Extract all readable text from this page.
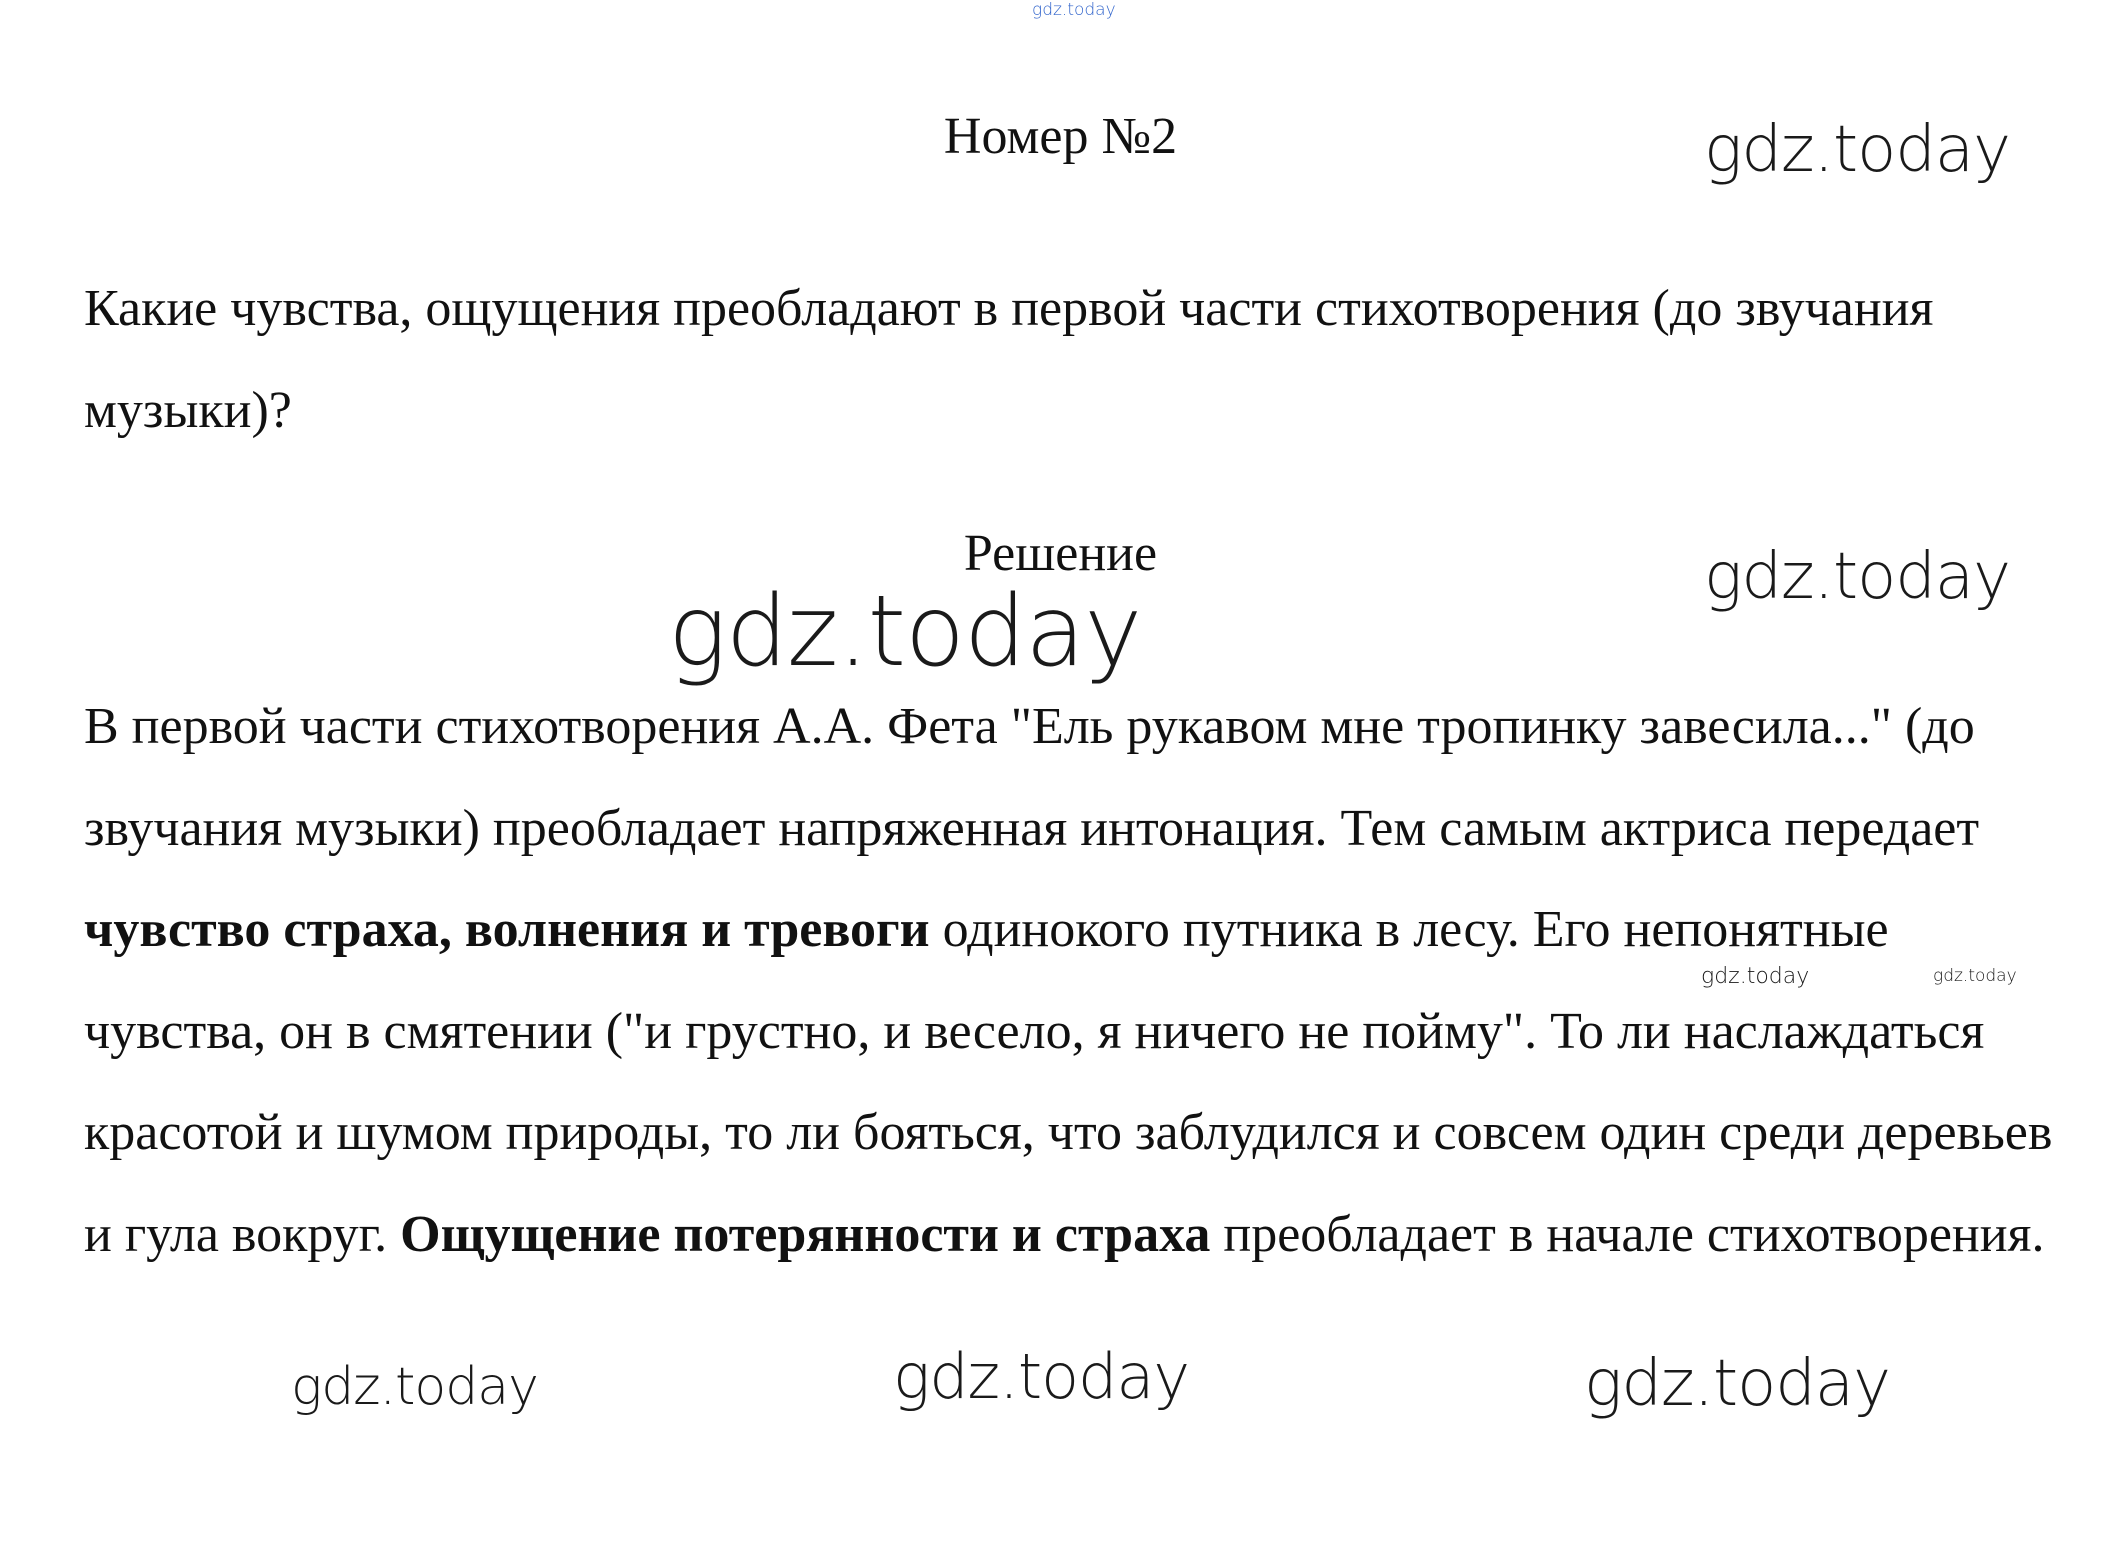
gdz.today
Номер №2	gdz.today

Какие чувства, ощущения преобладают в первой части стихотворения (до звучания музыки)?

Решение	gdz.today
gdz.today

В первой части стихотворения А.А. Фета "Ель рукавом мне тропинку завесила..." (до звучания музыки) преобладает напряженная интонация. Тем самым актриса передает чувство страха, волнения и тревоги одинокого путника в лесу. Его непонятные чувства, он в смятении ("и грустно, и весело, я ничего не пойму". То ли наслаждаться красотой и шумом природы, то ли бояться, что заблудился и совсем один среди деревьев и гула вокруг. Ощущение потерянности и страха преобладает в начале стихотворения.

gdz.today	gdz.today
gdz.today	gdz.today	gdz.today
